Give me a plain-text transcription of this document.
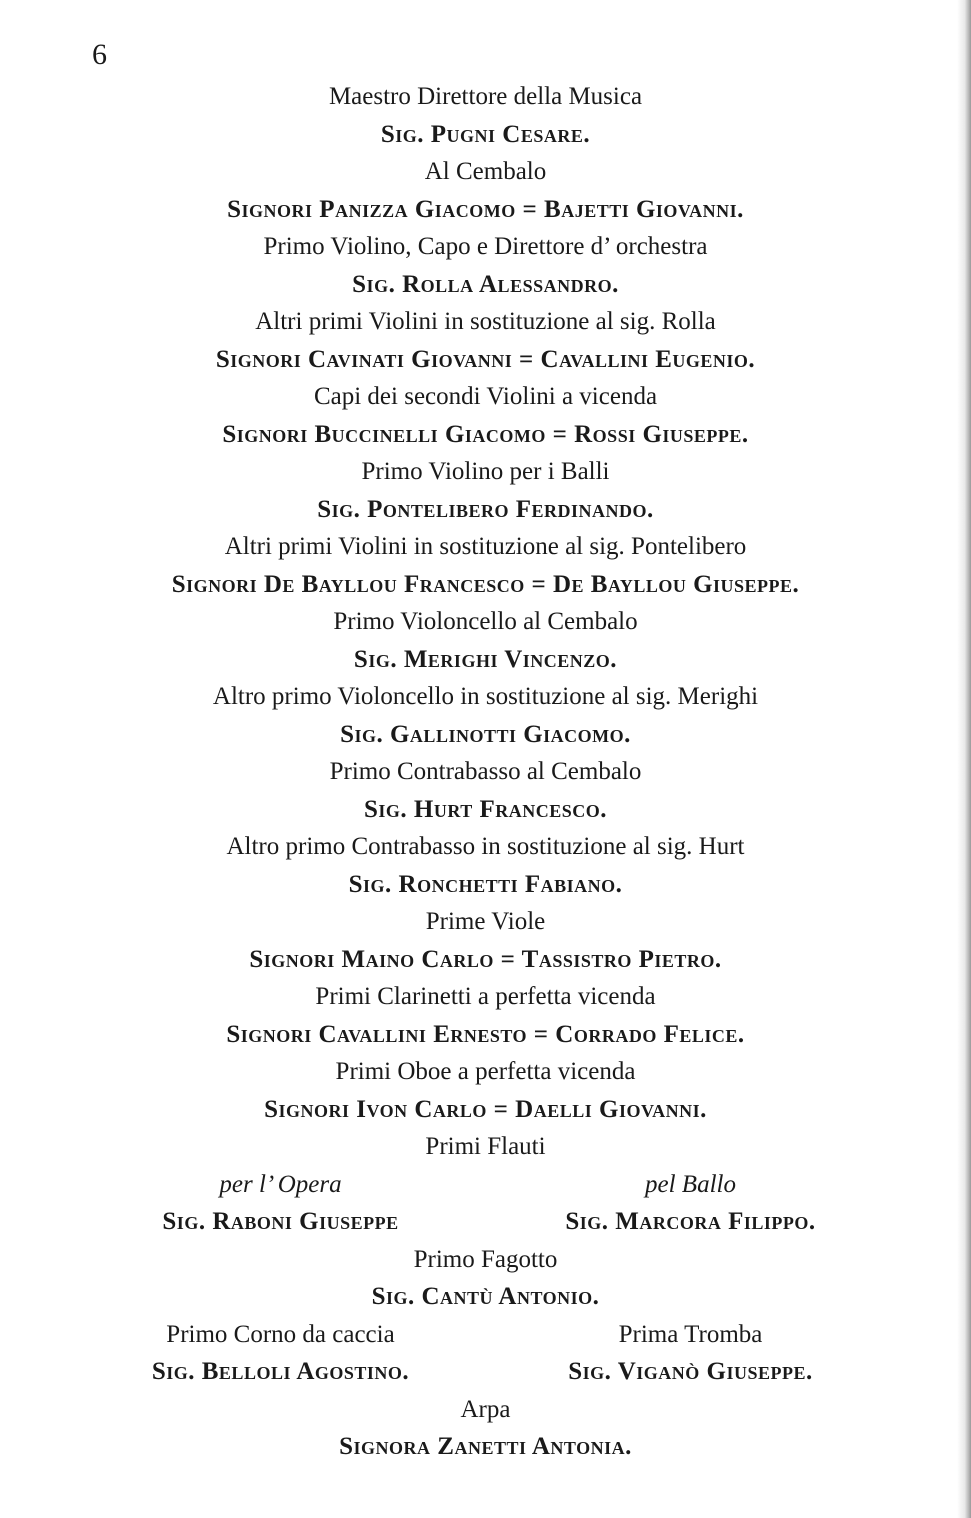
6
Maestro Direttore della Musica
Sig. Pugni Cesare.
Al Cembalo
Signori Panizza Giacomo = Bajetti Giovanni.
Primo Violino, Capo e Direttore d’ orchestra
Sig. Rolla Alessandro.
Altri primi Violini in sostituzione al sig. Rolla
Signori Cavinati Giovanni = Cavallini Eugenio.
Capi dei secondi Violini a vicenda
Signori Buccinelli Giacomo = Rossi Giuseppe.
Primo Violino per i Balli
Sig. Pontelibero Ferdinando.
Altri primi Violini in sostituzione al sig. Pontelibero
Signori De Bayllou Francesco = De Bayllou Giuseppe.
Primo Violoncello al Cembalo
Sig. Merighi Vincenzo.
Altro primo Violoncello in sostituzione al sig. Merighi
Sig. Gallinotti Giacomo.
Primo Contrabasso al Cembalo
Sig. Hurt Francesco.
Altro primo Contrabasso in sostituzione al sig. Hurt
Sig. Ronchetti Fabiano.
Prime Viole
Signori Maino Carlo = Tassistro Pietro.
Primi Clarinetti a perfetta vicenda
Signori Cavallini Ernesto = Corrado Felice.
Primi Oboe a perfetta vicenda
Signori Ivon Carlo = Daelli Giovanni.
Primi Flauti
per l’ Opera	pel Ballo
Sig. Raboni Giuseppe	Sig. Marcora Filippo.
Primo Fagotto
Sig. Cantù Antonio.
Primo Corno da caccia	Prima Tromba
Sig. Belloli Agostino.	Sig. Viganò Giuseppe.
Arpa
Signora Zanetti Antonia.
